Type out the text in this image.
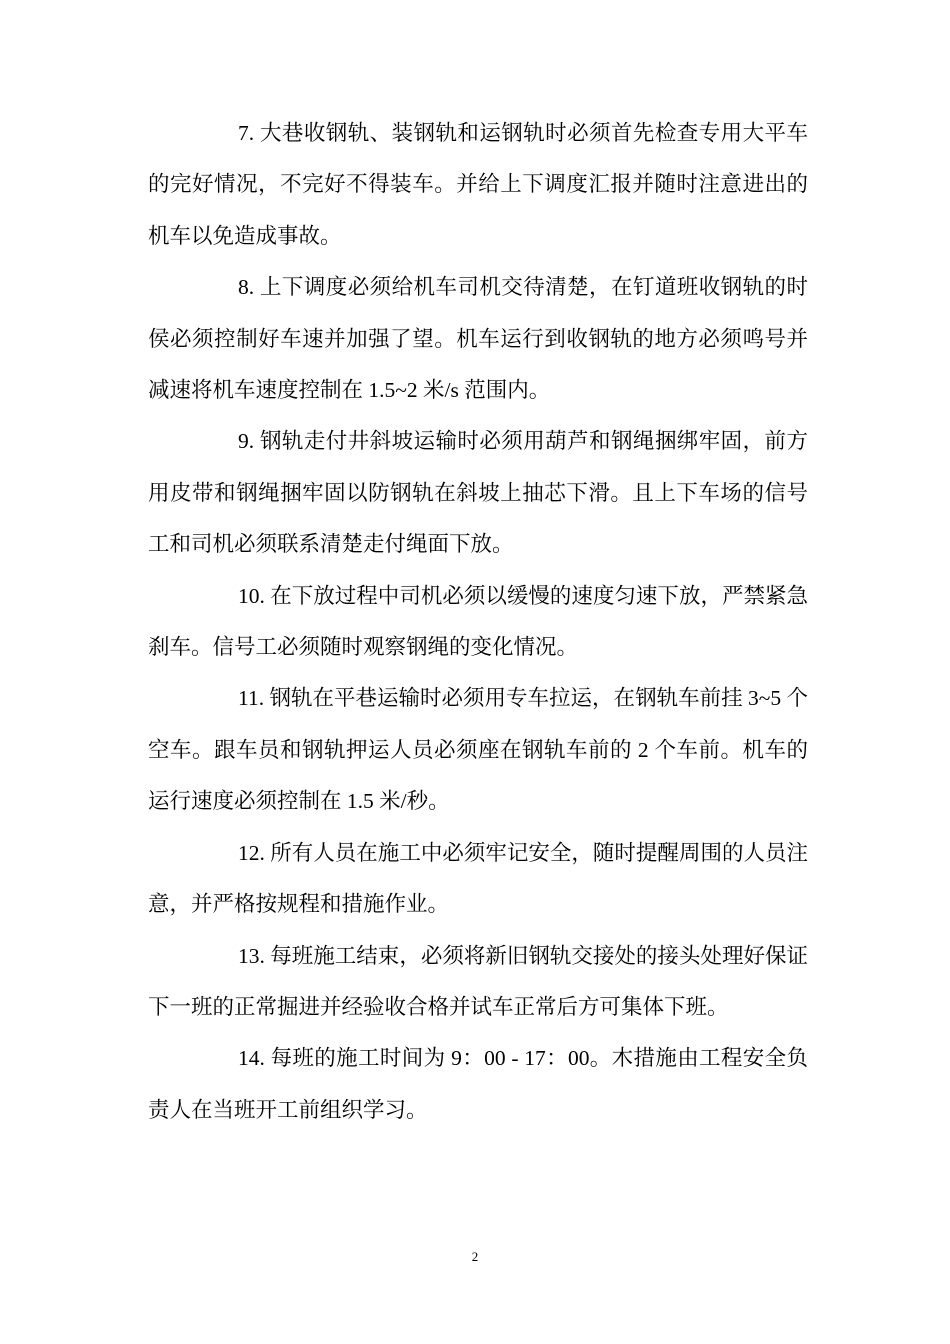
7. 大巷收钢轨、装钢轨和运钢轨时必须首先检查专用大平车的完好情况，不完好不得装车。并给上下调度汇报并随时注意进出的机车以免造成事故。

8. 上下调度必须给机车司机交待清楚，在钉道班收钢轨的时侯必须控制好车速并加强了望。机车运行到收钢轨的地方必须鸣号并减速将机车速度控制在 1.5~2 米/s 范围内。

9. 钢轨走付井斜坡运输时必须用葫芦和钢绳捆绑牢固，前方用皮带和钢绳捆牢固以防钢轨在斜坡上抽芯下滑。且上下车场的信号工和司机必须联系清楚走付绳面下放。

10. 在下放过程中司机必须以缓慢的速度匀速下放，严禁紧急刹车。信号工必须随时观察钢绳的变化情况。

11. 钢轨在平巷运输时必须用专车拉运，在钢轨车前挂 3~5 个空车。跟车员和钢轨押运人员必须座在钢轨车前的 2 个车前。机车的运行速度必须控制在 1.5 米/秒。

12. 所有人员在施工中必须牢记安全，随时提醒周围的人员注意，并严格按规程和措施作业。

13. 每班施工结束，必须将新旧钢轨交接处的接头处理好保证下一班的正常掘进并经验收合格并试车正常后方可集体下班。

14. 每班的施工时间为 9：00 - 17：00。木措施由工程安全负责人在当班开工前组织学习。

2
